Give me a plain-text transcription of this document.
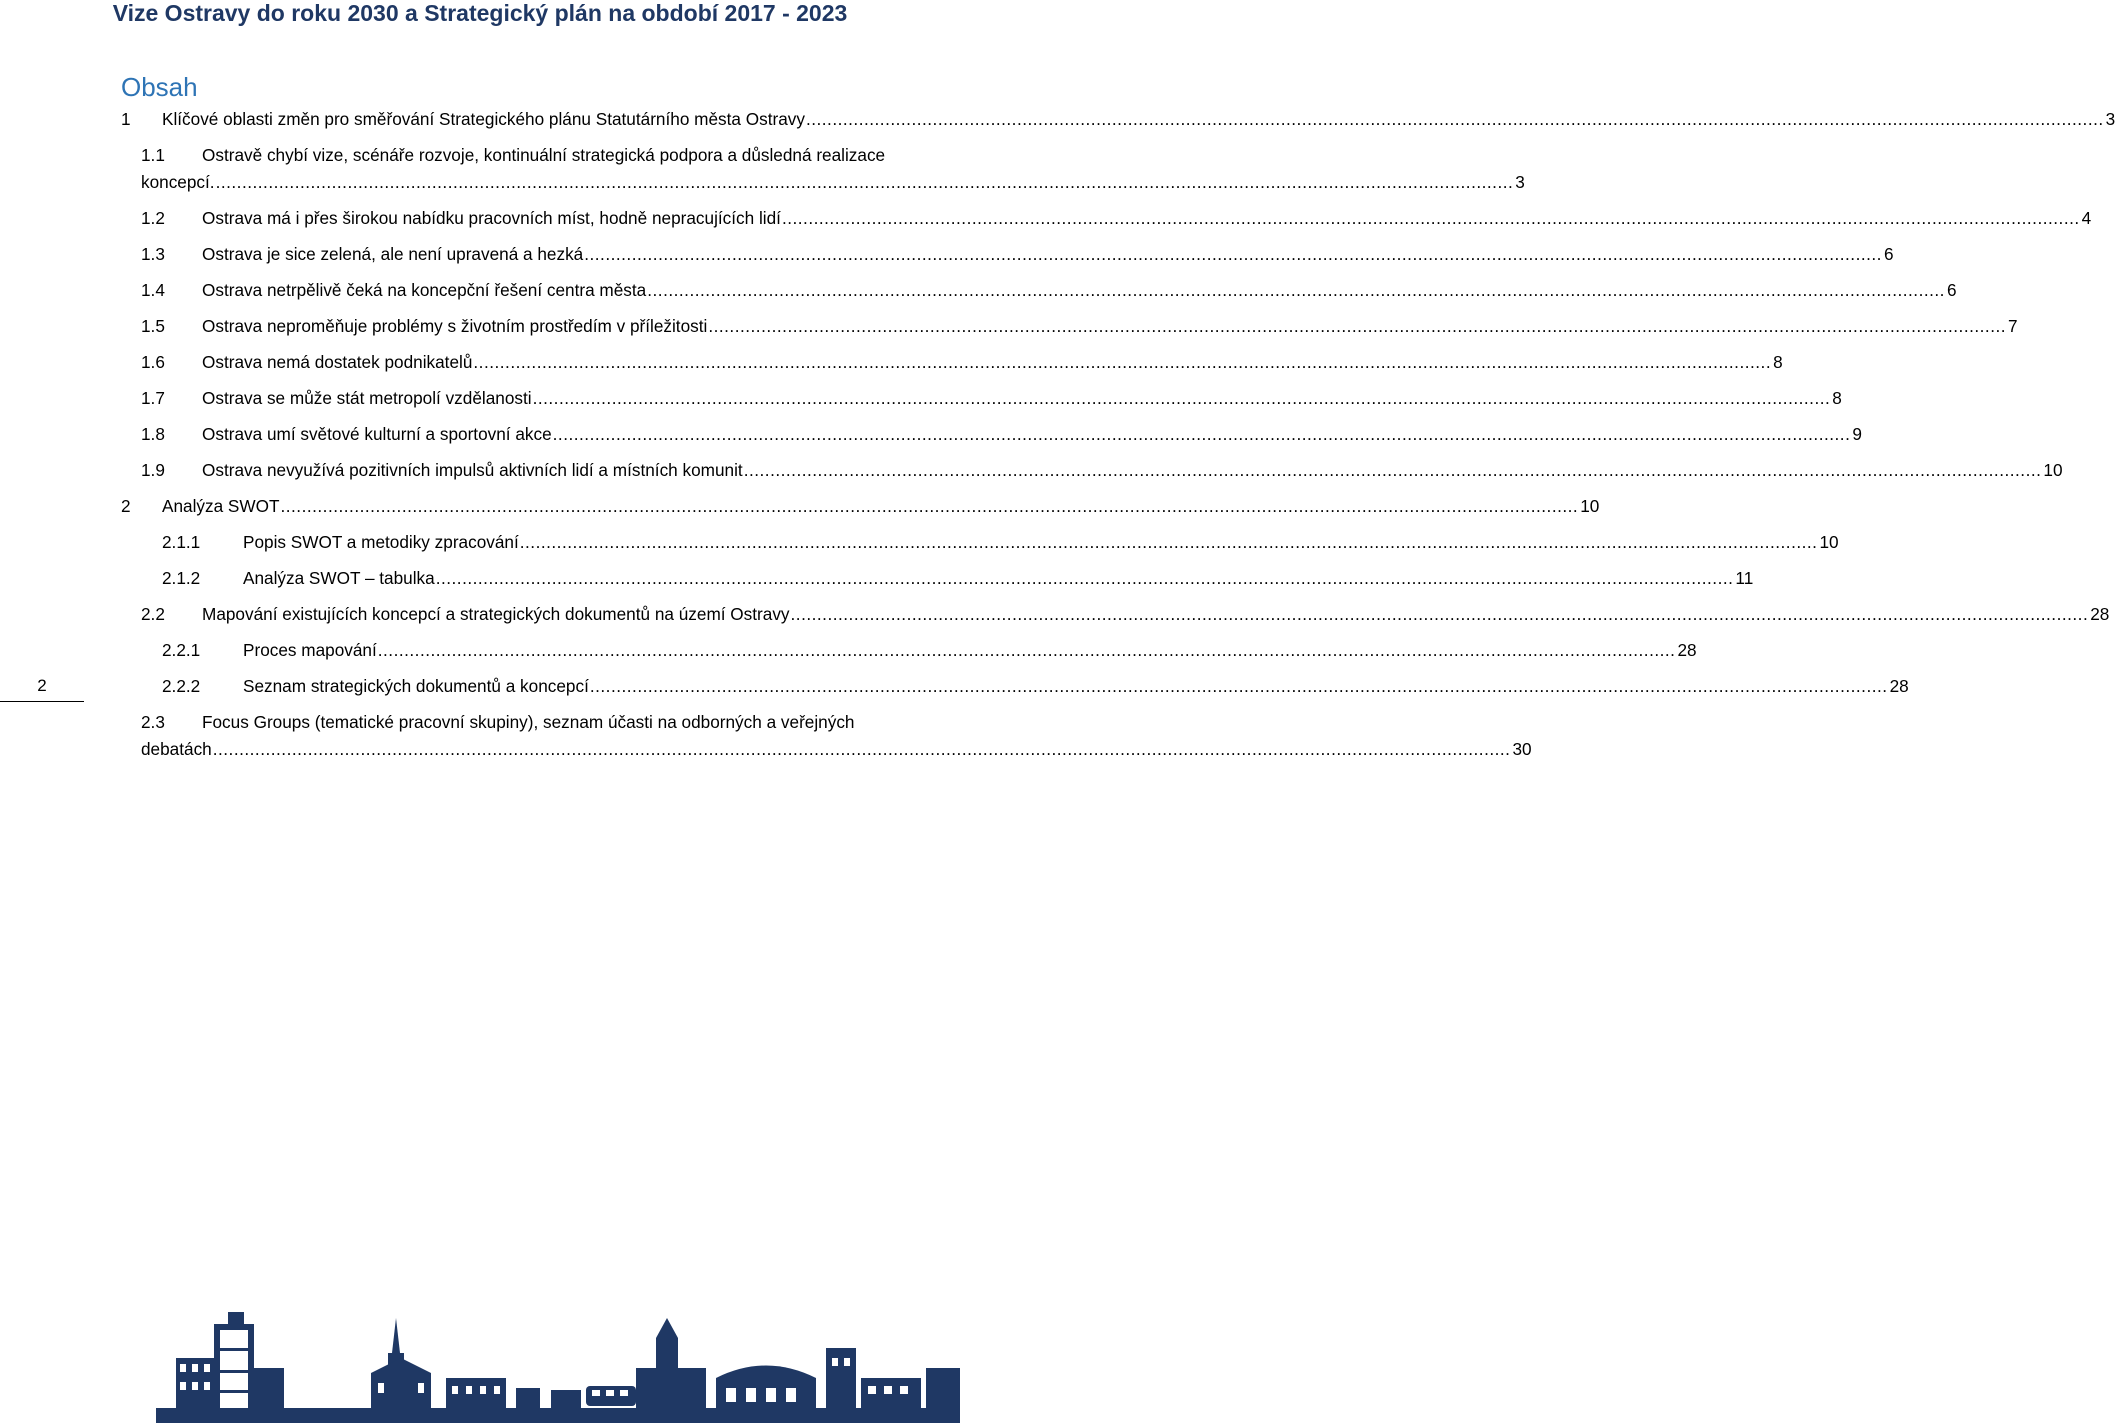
Vize Ostravy do roku 2030 a Strategický plán na období 2017 - 2023
Obsah
1 Klíčové oblasti změn pro směřování Strategického plánu Statutárního města Ostravy .....	3
1.1 Ostravě chybí vize, scénáře rozvoje, kontinuální strategická podpora a důsledná realizace
koncepcí. .....	3
1.2 Ostrava má i přes širokou nabídku pracovních míst, hodně nepracujících lidí .....	4
1.3 Ostrava je sice zelená, ale není upravená a hezká .....	6
1.4 Ostrava netrpělivě čeká na koncepční řešení centra města .....	6
1.5 Ostrava neproměňuje problémy s životním prostředím v příležitosti .....	7
1.6 Ostrava nemá dostatek podnikatelů .....	8
1.7 Ostrava se může stát metropolí vzdělanosti .....	8
1.8 Ostrava umí světové kulturní a sportovní akce .....	9
1.9 Ostrava nevyužívá pozitivních impulsů aktivních lidí a místních komunit .....	10
2 Analýza SWOT .....	10
2.1.1 Popis SWOT a metodiky zpracování .....	10
2.1.2 Analýza SWOT – tabulka .....	11
2.2 Mapování existujících koncepcí a strategických dokumentů na území Ostravy .....	28
2.2.1 Proces mapování .....	28
2.2.2 Seznam strategických dokumentů a koncepcí .....	28
2.3 Focus Groups (tematické pracovní skupiny), seznam účasti na odborných a veřejných
debatách .....	30
2
